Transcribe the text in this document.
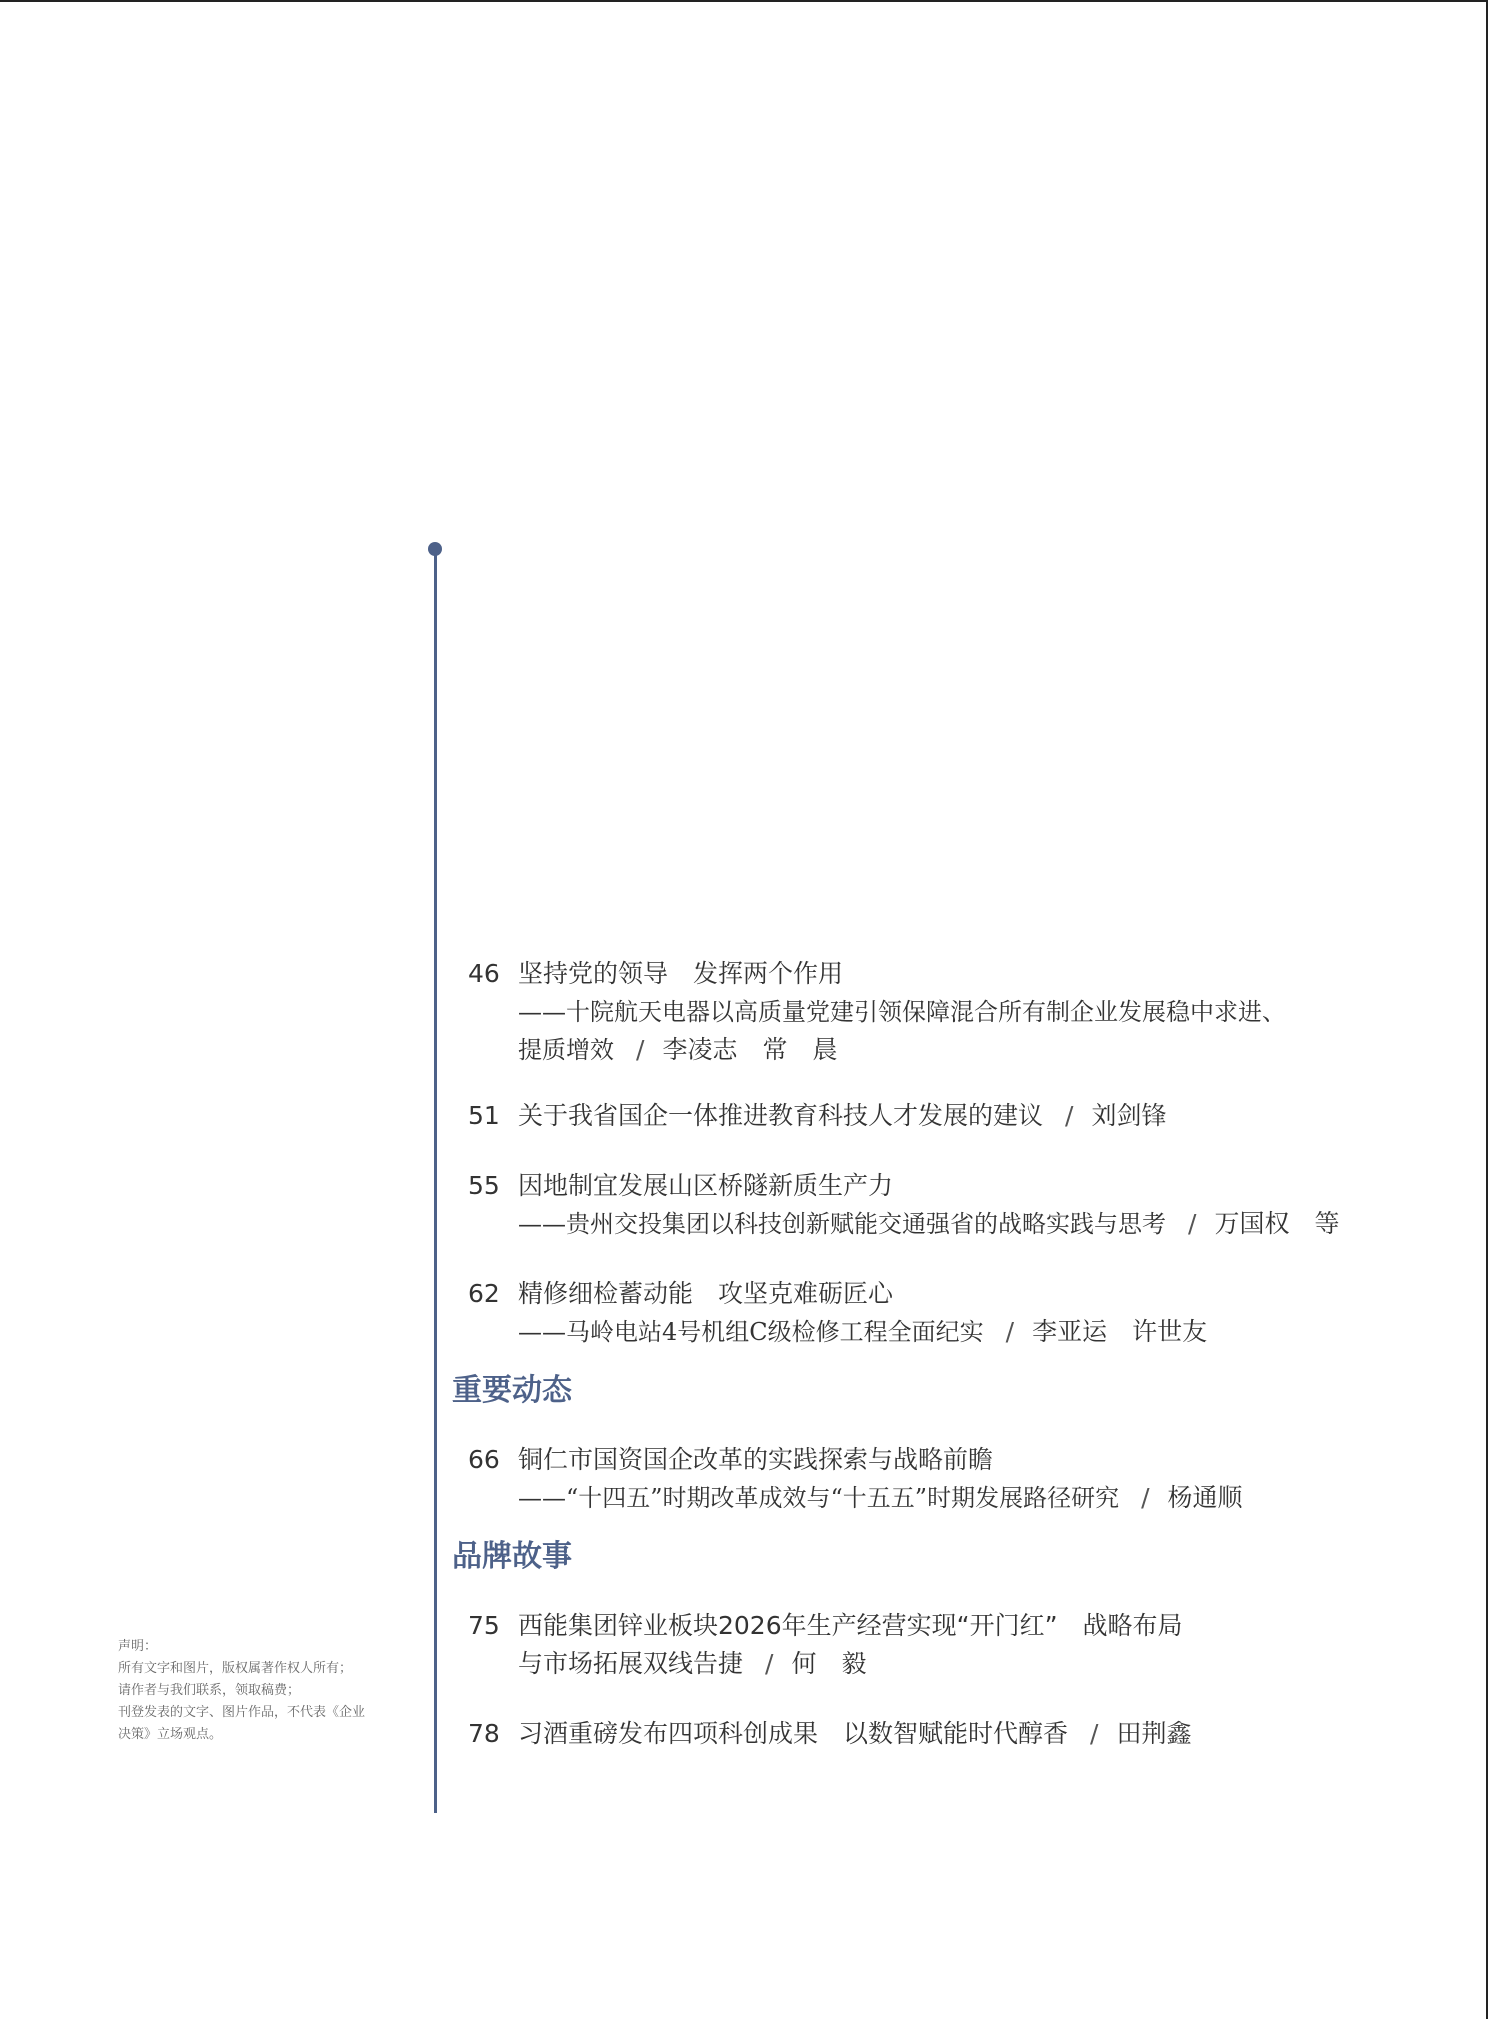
46 坚持党的领导　发挥两个作用
——十院航天电器以高质量党建引领保障混合所有制企业发展稳中求进、
提质增效 / 李凌志　常　晨
51 关于我省国企一体推进教育科技人才发展的建议 / 刘剑锋
55 因地制宜发展山区桥隧新质生产力
——贵州交投集团以科技创新赋能交通强省的战略实践与思考 / 万国权　等
62 精修细检蓄动能　攻坚克难砺匠心
——马岭电站4号机组C级检修工程全面纪实 / 李亚运　许世友
重要动态
66 铜仁市国资国企改革的实践探索与战略前瞻
——“十四五”时期改革成效与“十五五”时期发展路径研究 / 杨通顺
品牌故事
75 西能集团锌业板块2026年生产经营实现“开门红”　战略布局
与市场拓展双线告捷 / 何　毅
78 习酒重磅发布四项科创成果　以数智赋能时代醇香 / 田荆鑫
声明：
所有文字和图片，版权属著作权人所有；
请作者与我们联系，领取稿费；
刊登发表的文字、图片作品，不代表《企业
决策》立场观点。
